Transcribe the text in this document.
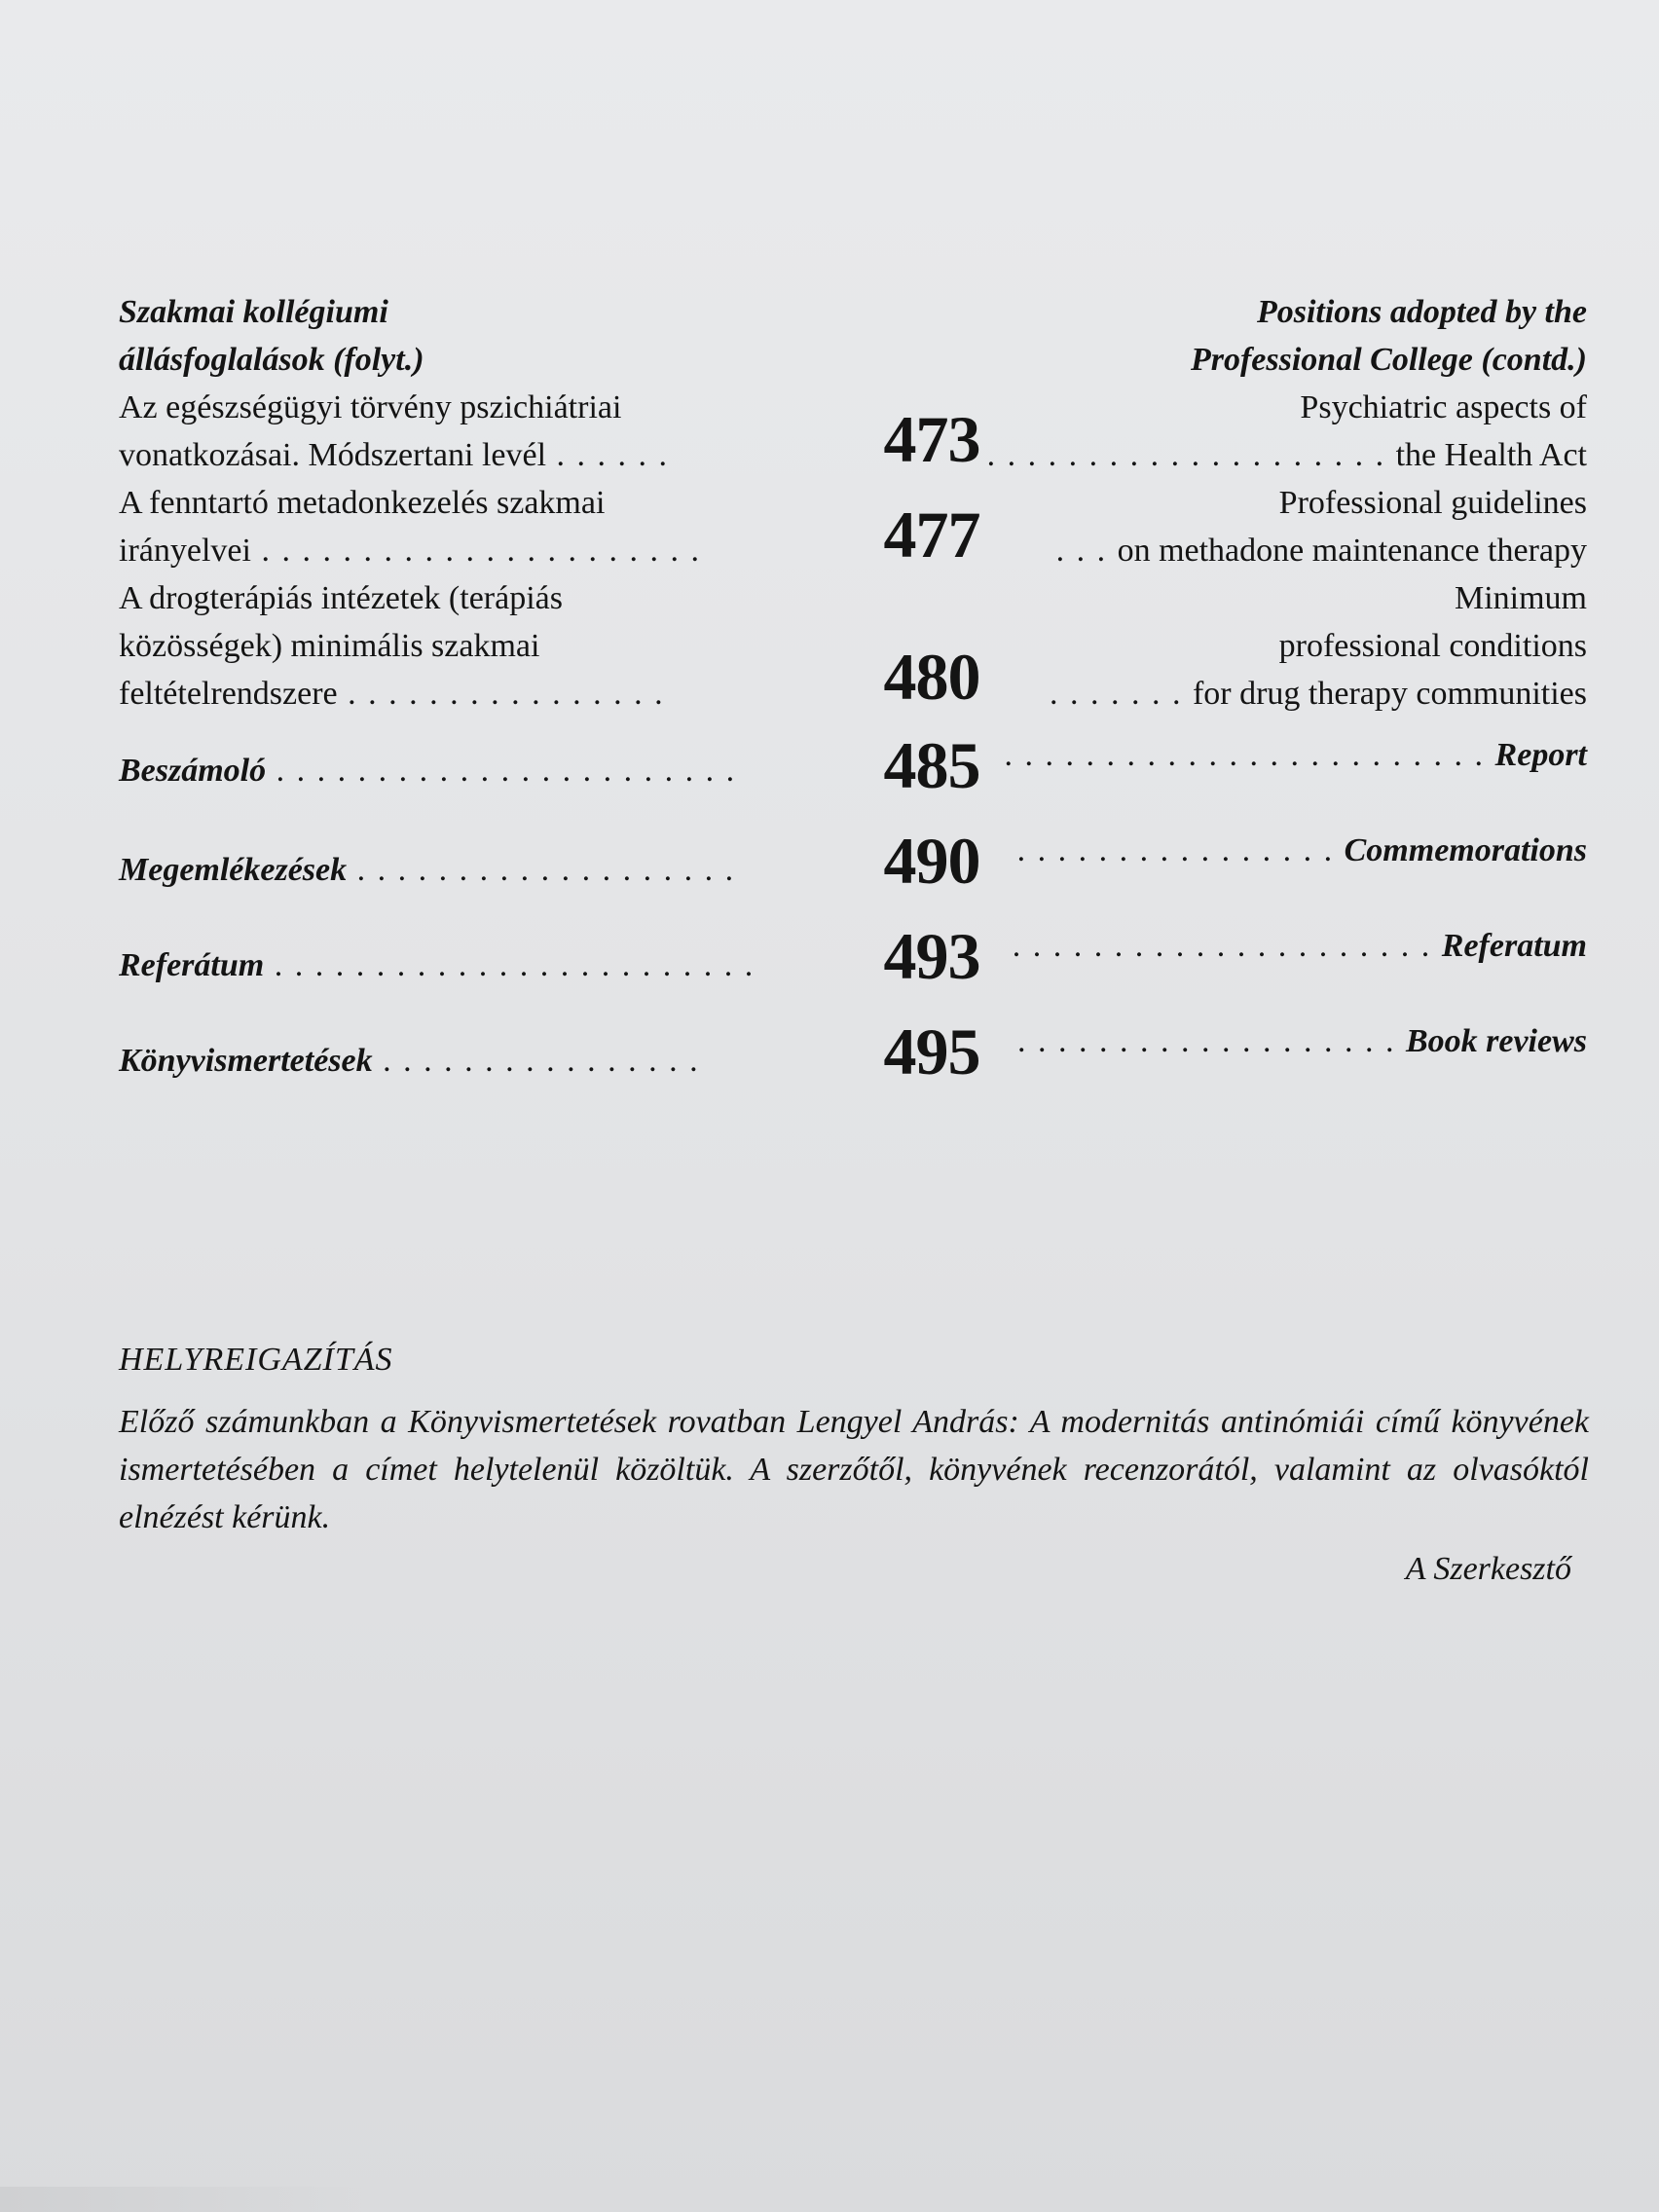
Szakmai kollégiumi
állásfoglalások (folyt.)
Positions adopted by the
Professional College (contd.)
Az egészségügyi törvény pszichiátriai
vonatkozásai. Módszertani levél . . . . . .	473	Psychiatric aspects of
. . . . . . . . . . . . . . . . . . . . the Health Act
A fenntartó metadonkezelés szakmai
irányelvei . . . . . . . . . . . . . . . . . . . . . .	477	Professional guidelines
. . . on methadone maintenance therapy
A drogterápiás intézetek (terápiás
közösségek) minimális szakmai
feltételrendszere . . . . . . . . . . . . . . . .	480
Minimum
professional conditions
. . . . . . . for drug therapy communities
Beszámoló . . . . . . . . . . . . . . . . . . . . . . .	485 . . . . . . . . . . . . . . . . . . . . . . . . Report
Megemlékezések . . . . . . . . . . . . . . . . . . .	490	. . . . . . . . . . . . . . . . Commemorations
Referátum . . . . . . . . . . . . . . . . . . . . . . . .	493 . . . . . . . . . . . . . . . . . . . . . Referatum
Könyvismertetések . . . . . . . . . . . . . . . .	495	. . . . . . . . . . . . . . . . . . . Book reviews
HELYREIGAZÍTÁS
Előző számunkban a Könyvismertetések rovatban Lengyel András: A modernitás antinómiái című könyvének ismertetésében a címet helytelenül közöltük. A szerzőtől, könyvének recenzorától, valamint az olvasóktól elnézést kérünk.
A Szerkesztő
